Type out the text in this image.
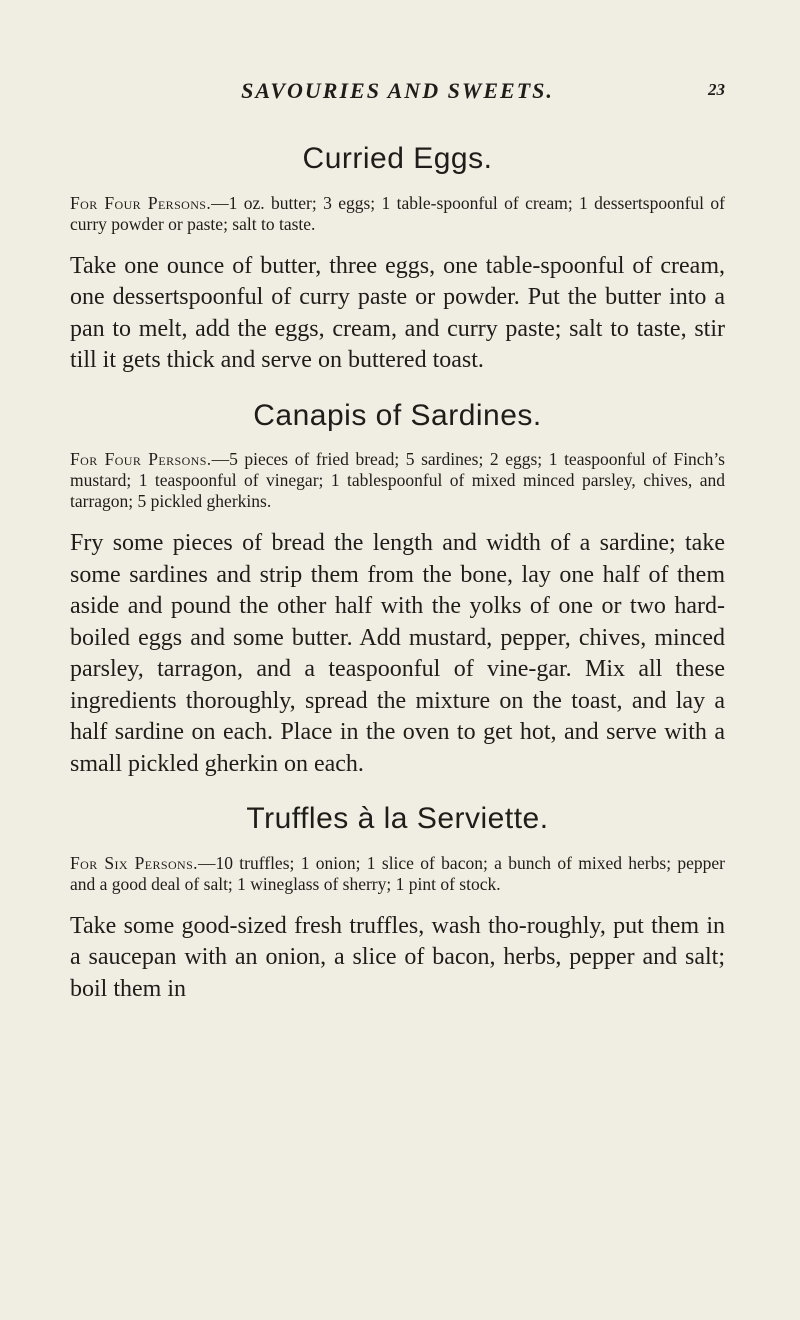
SAVOURIES AND SWEETS.	23
Curried Eggs.

For Four Persons.—1 oz. butter; 3 eggs; 1 table-spoonful of cream; 1 dessertspoonful of curry powder or paste; salt to taste.

Take one ounce of butter, three eggs, one table-spoonful of cream, one dessertspoonful of curry paste or powder. Put the butter into a pan to melt, add the eggs, cream, and curry paste; salt to taste, stir till it gets thick and serve on buttered toast.

Canapis of Sardines.

For Four Persons.—5 pieces of fried bread; 5 sardines; 2 eggs; 1 teaspoonful of Finch’s mustard; 1 teaspoonful of vinegar; 1 tablespoonful of mixed minced parsley, chives, and tarragon; 5 pickled gherkins.

Fry some pieces of bread the length and width of a sardine; take some sardines and strip them from the bone, lay one half of them aside and pound the other half with the yolks of one or two hard-boiled eggs and some butter. Add mustard, pepper, chives, minced parsley, tarragon, and a teaspoonful of vine-gar. Mix all these ingredients thoroughly, spread the mixture on the toast, and lay a half sardine on each. Place in the oven to get hot, and serve with a small pickled gherkin on each.

Truffles à la Serviette.

For Six Persons.—10 truffles; 1 onion; 1 slice of bacon; a bunch of mixed herbs; pepper and a good deal of salt; 1 wineglass of sherry; 1 pint of stock.

Take some good-sized fresh truffles, wash tho-roughly, put them in a saucepan with an onion, a slice of bacon, herbs, pepper and salt; boil them in
